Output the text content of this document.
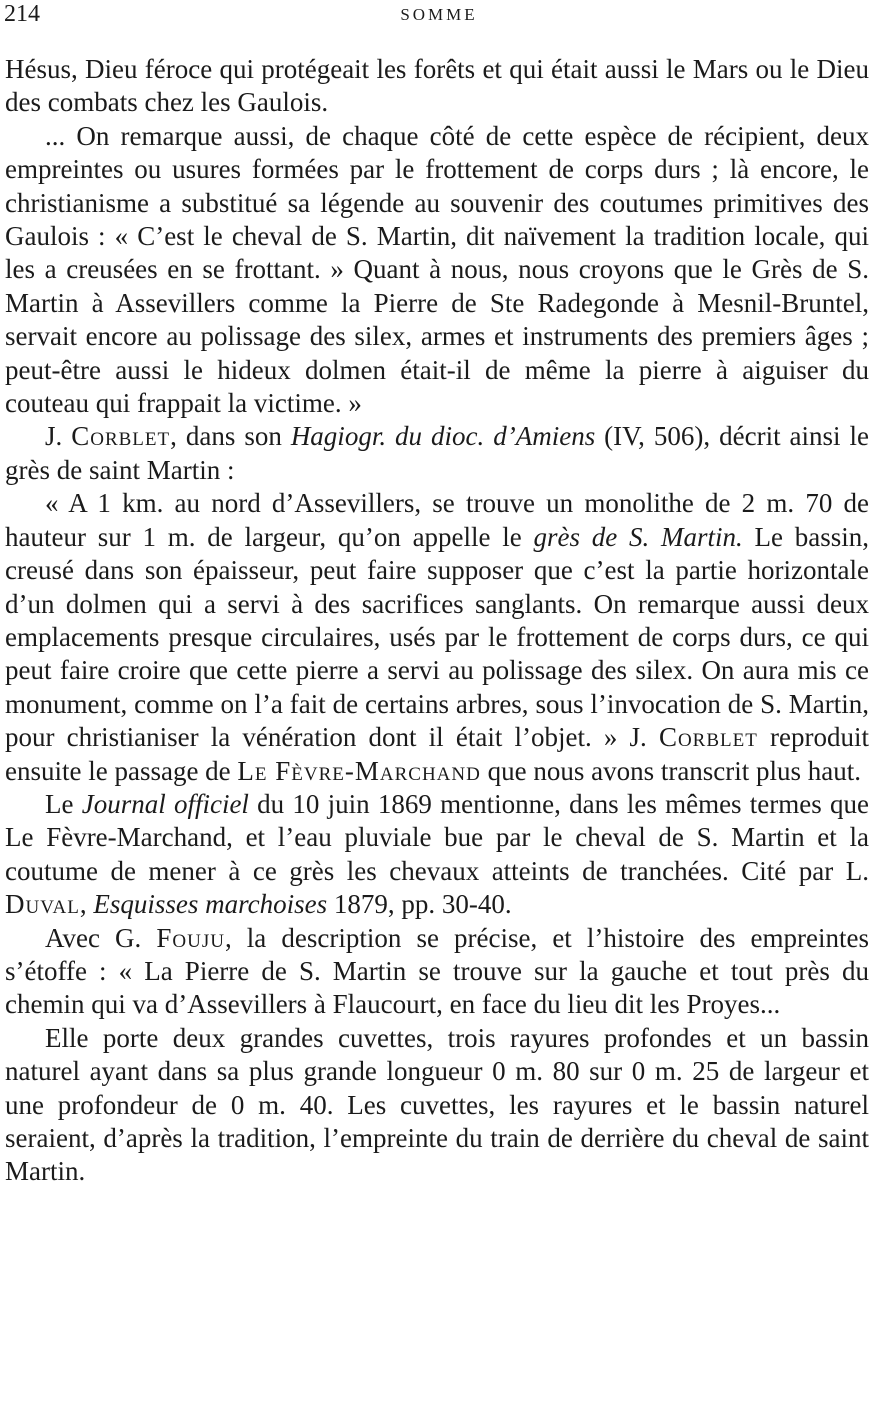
214	SOMME

Hésus, Dieu féroce qui protégeait les forêts et qui était aussi le Mars ou le Dieu des combats chez les Gaulois.

... On remarque aussi, de chaque côté de cette espèce de récipient, deux empreintes ou usures formées par le frottement de corps durs ; là encore, le christianisme a substitué sa légende au souvenir des coutumes primitives des Gaulois : « C’est le cheval de S. Martin, dit naïvement la tradition locale, qui les a creusées en se frottant. » Quant à nous, nous croyons que le Grès de S. Martin à Assevillers comme la Pierre de Ste Radegonde à Mesnil-Bruntel, servait encore au polissage des silex, armes et instruments des premiers âges ; peut-être aussi le hideux dolmen était-il de même la pierre à aiguiser du couteau qui frappait la victime. »

J. Corblet, dans son Hagiogr. du dioc. d’Amiens (IV, 506), décrit ainsi le grès de saint Martin :

« A 1 km. au nord d’Assevillers, se trouve un monolithe de 2 m. 70 de hauteur sur 1 m. de largeur, qu’on appelle le grès de S. Martin. Le bassin, creusé dans son épaisseur, peut faire supposer que c’est la partie horizontale d’un dolmen qui a servi à des sacrifices sanglants. On remarque aussi deux emplacements presque circulaires, usés par le frottement de corps durs, ce qui peut faire croire que cette pierre a servi au polissage des silex. On aura mis ce monument, comme on l’a fait de certains arbres, sous l’invocation de S. Martin, pour christianiser la vénération dont il était l’objet. » J. Corblet reproduit ensuite le passage de Le Fèvre-Marchand que nous avons transcrit plus haut.

Le Journal officiel du 10 juin 1869 mentionne, dans les mêmes termes que Le Fèvre-Marchand, et l’eau pluviale bue par le cheval de S. Martin et la coutume de mener à ce grès les chevaux atteints de tranchées. Cité par L. Duval, Esquisses marchoises 1879, pp. 30-40.

Avec G. Fouju, la description se précise, et l’histoire des empreintes s’étoffe : « La Pierre de S. Martin se trouve sur la gauche et tout près du chemin qui va d’Assevillers à Flaucourt, en face du lieu dit les Proyes...

Elle porte deux grandes cuvettes, trois rayures profondes et un bassin naturel ayant dans sa plus grande longueur 0 m. 80 sur 0 m. 25 de largeur et une profondeur de 0 m. 40. Les cuvettes, les rayures et le bassin naturel seraient, d’après la tradition, l’empreinte du train de derrière du cheval de saint Martin.
